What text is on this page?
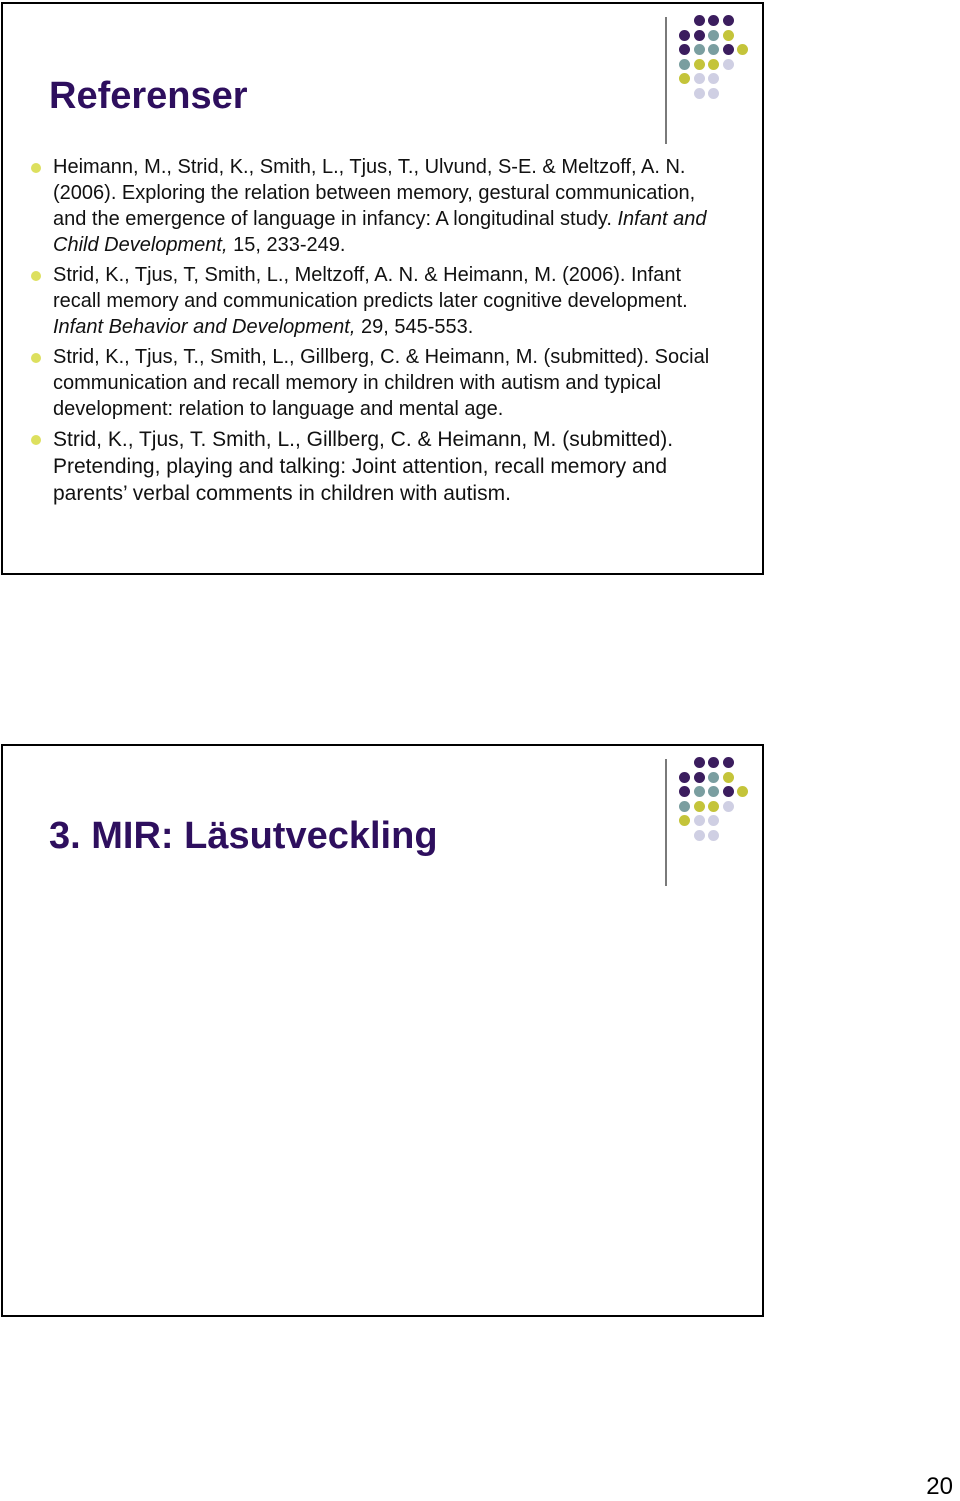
Referenser
Heimann, M., Strid, K., Smith, L., Tjus, T., Ulvund, S-E. & Meltzoff, A. N. (2006). Exploring the relation between memory, gestural communication, and the emergence of language in infancy: A longitudinal study. Infant and Child Development, 15, 233-249.
Strid, K., Tjus, T, Smith, L., Meltzoff, A. N. & Heimann, M. (2006). Infant recall memory and communication predicts later cognitive development. Infant Behavior and Development, 29, 545-553.
Strid, K., Tjus, T., Smith, L., Gillberg, C. & Heimann, M. (submitted). Social communication and recall memory in children with autism and typical development: relation to language and mental age.
Strid, K., Tjus, T. Smith, L., Gillberg, C. & Heimann, M. (submitted). Pretending, playing and talking: Joint attention, recall memory and parents’ verbal comments in children with autism.
3. MIR: Läsutveckling
20
